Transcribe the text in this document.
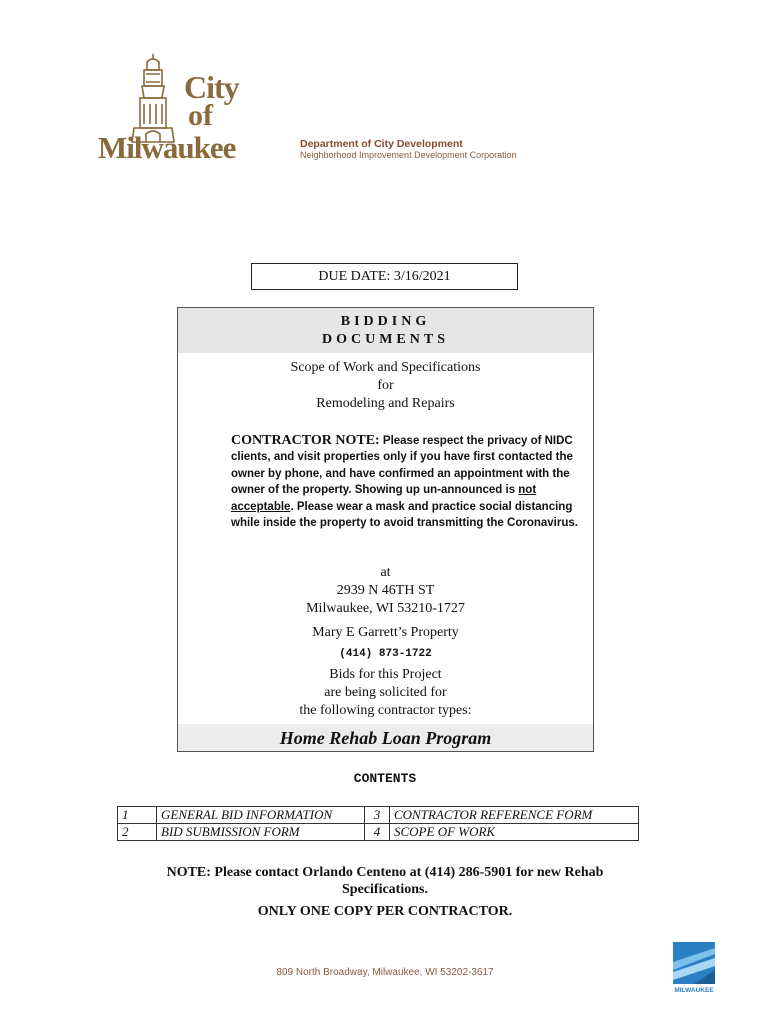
City
of
Milwaukee	Department of City Development
Neighborhood Improvement Development Corporation
DUE DATE: 3/16/2021
BIDDING
DOCUMENTS
Scope of Work and Specifications
for
Remodeling and Repairs
CONTRACTOR NOTE: Please respect the privacy of NIDC clients, and visit properties only if you have first contacted the owner by phone, and have confirmed an appointment with the owner of the property. Showing up un-announced is not acceptable. Please wear a mask and practice social distancing while inside the property to avoid transmitting the Coronavirus.
at
2939 N 46TH ST
Milwaukee, WI 53210-1727
Mary E Garrett’s Property
(414) 873-1722
Bids for this Project
are being solicited for
the following contractor types:
Home Rehab Loan Program
CONTENTS
1	GENERAL BID INFORMATION	3	CONTRACTOR REFERENCE FORM
2	BID SUBMISSION FORM	4	SCOPE OF WORK
NOTE: Please contact Orlando Centeno at (414) 286-5901 for new Rehab
Specifications.
ONLY ONE COPY PER CONTRACTOR.
809 North Broadway, Milwaukee, WI 53202-3617
MILWAUKEE
